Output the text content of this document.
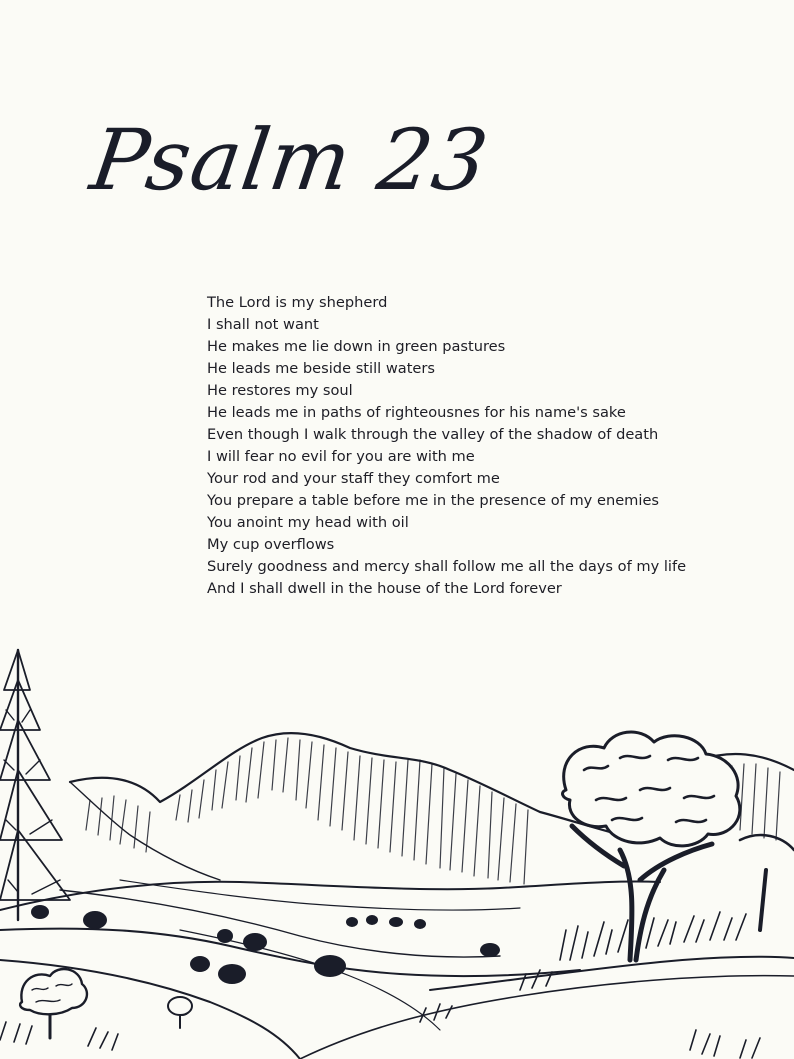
Psalm 23
The Lord is my shepherd
I shall not want
He makes me lie down in green pastures
He leads me beside still waters
He restores my soul
He leads me in paths of righteousnes for his name's sake
Even though I walk through the valley of the shadow of death
I will fear no evil for you are with me
Your rod and your staff they comfort me
You prepare a table before me in the presence of my enemies
You anoint my head with oil
My cup overflows
Surely goodness and mercy shall follow me all the days of my life
And I shall dwell in the house of the Lord forever
